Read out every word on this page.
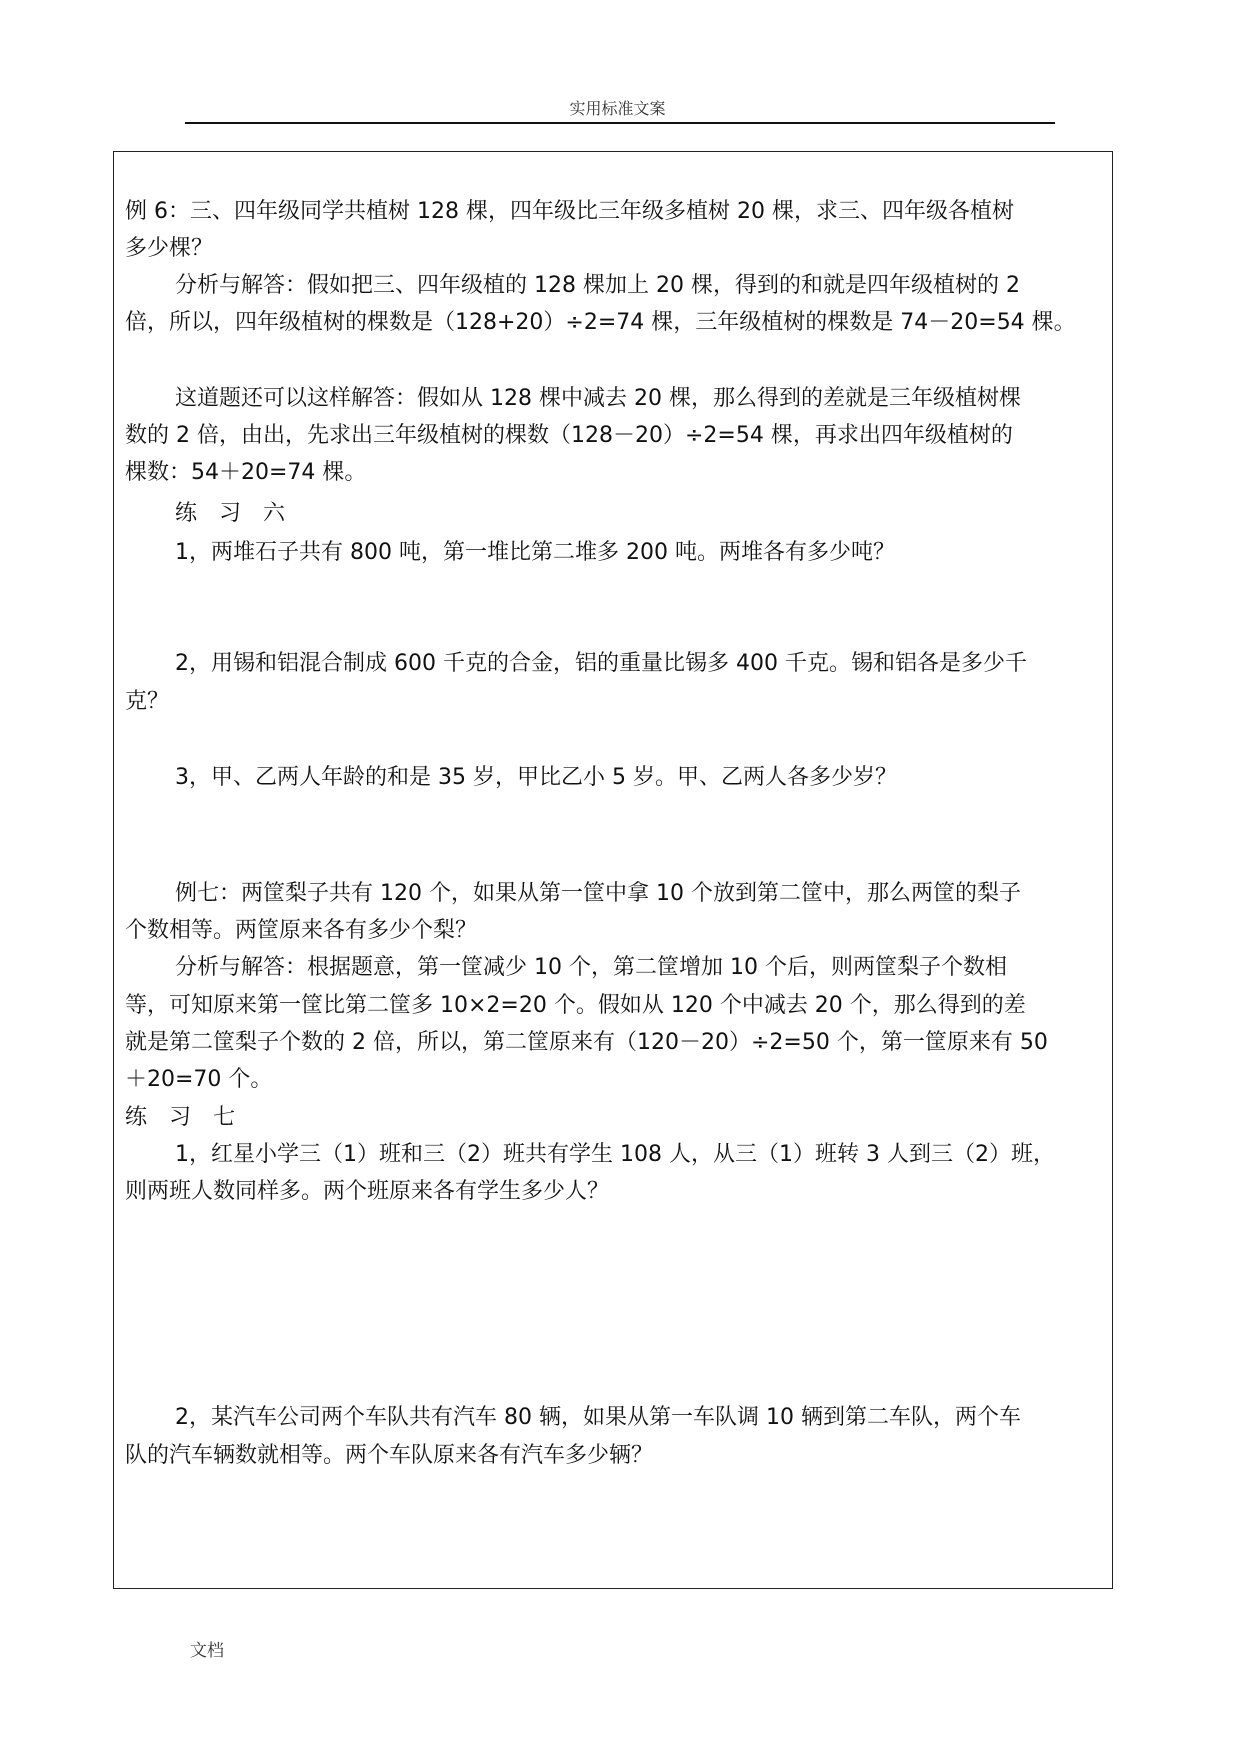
实用标准文案

例 6：三、四年级同学共植树 128 棵，四年级比三年级多植树 20 棵，求三、四年级各植树

多少棵？

分析与解答：假如把三、四年级植的 128 棵加上 20 棵，得到的和就是四年级植树的 2

倍，所以，四年级植树的棵数是（128+20）÷2=74 棵，三年级植树的棵数是 74－20=54 棵。

这道题还可以这样解答：假如从 128 棵中减去 20 棵，那么得到的差就是三年级植树棵

数的 2 倍，由出，先求出三年级植树的棵数（128－20）÷2=54 棵，再求出四年级植树的

棵数：54＋20=74 棵。

练　习　六

1，两堆石子共有 800 吨，第一堆比第二堆多 200 吨。两堆各有多少吨？

2，用锡和铝混合制成 600 千克的合金，铝的重量比锡多 400 千克。锡和铝各是多少千

克？

3，甲、乙两人年龄的和是 35 岁，甲比乙小 5 岁。甲、乙两人各多少岁？

例七：两筐梨子共有 120 个，如果从第一筐中拿 10 个放到第二筐中，那么两筐的梨子

个数相等。两筐原来各有多少个梨？

分析与解答：根据题意，第一筐减少 10 个，第二筐增加 10 个后，则两筐梨子个数相

等，可知原来第一筐比第二筐多 10×2=20 个。假如从 120 个中减去 20 个，那么得到的差

就是第二筐梨子个数的 2 倍，所以，第二筐原来有（120－20）÷2=50 个，第一筐原来有 50

＋20=70 个。

练　习　七

1，红星小学三（1）班和三（2）班共有学生 108 人，从三（1）班转 3 人到三（2）班，

则两班人数同样多。两个班原来各有学生多少人？

2，某汽车公司两个车队共有汽车 80 辆，如果从第一车队调 10 辆到第二车队，两个车

队的汽车辆数就相等。两个车队原来各有汽车多少辆？

文档
